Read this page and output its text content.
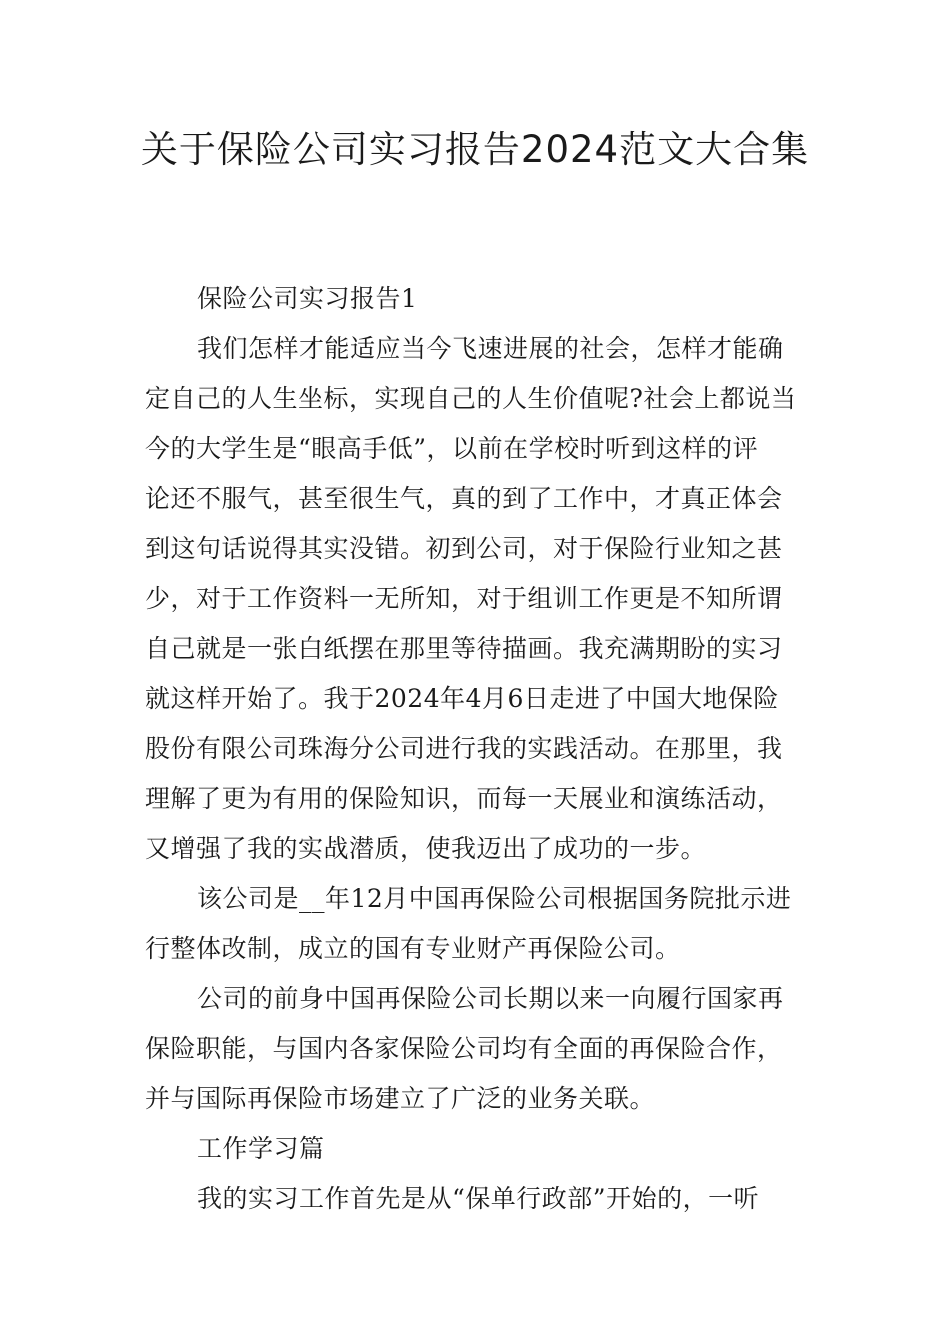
关于保险公司实习报告2024范文大合集
保险公司实习报告1
我们怎样才能适应当今飞速进展的社会，怎样才能确
定自己的人生坐标，实现自己的人生价值呢?社会上都说当
今的大学生是“眼高手低”，以前在学校时听到这样的评
论还不服气，甚至很生气，真的到了工作中，才真正体会
到这句话说得其实没错。初到公司，对于保险行业知之甚
少，对于工作资料一无所知，对于组训工作更是不知所谓
自己就是一张白纸摆在那里等待描画。我充满期盼的实习
就这样开始了。我于2024年4月6日走进了中国大地保险
股份有限公司珠海分公司进行我的实践活动。在那里，我
理解了更为有用的保险知识，而每一天展业和演练活动，
又增强了我的实战潜质，使我迈出了成功的一步。
该公司是__年12月中国再保险公司根据国务院批示进
行整体改制，成立的国有专业财产再保险公司。
公司的前身中国再保险公司长期以来一向履行国家再
保险职能，与国内各家保险公司均有全面的再保险合作，
并与国际再保险市场建立了广泛的业务关联。
工作学习篇
我的实习工作首先是从“保单行政部”开始的，一听
